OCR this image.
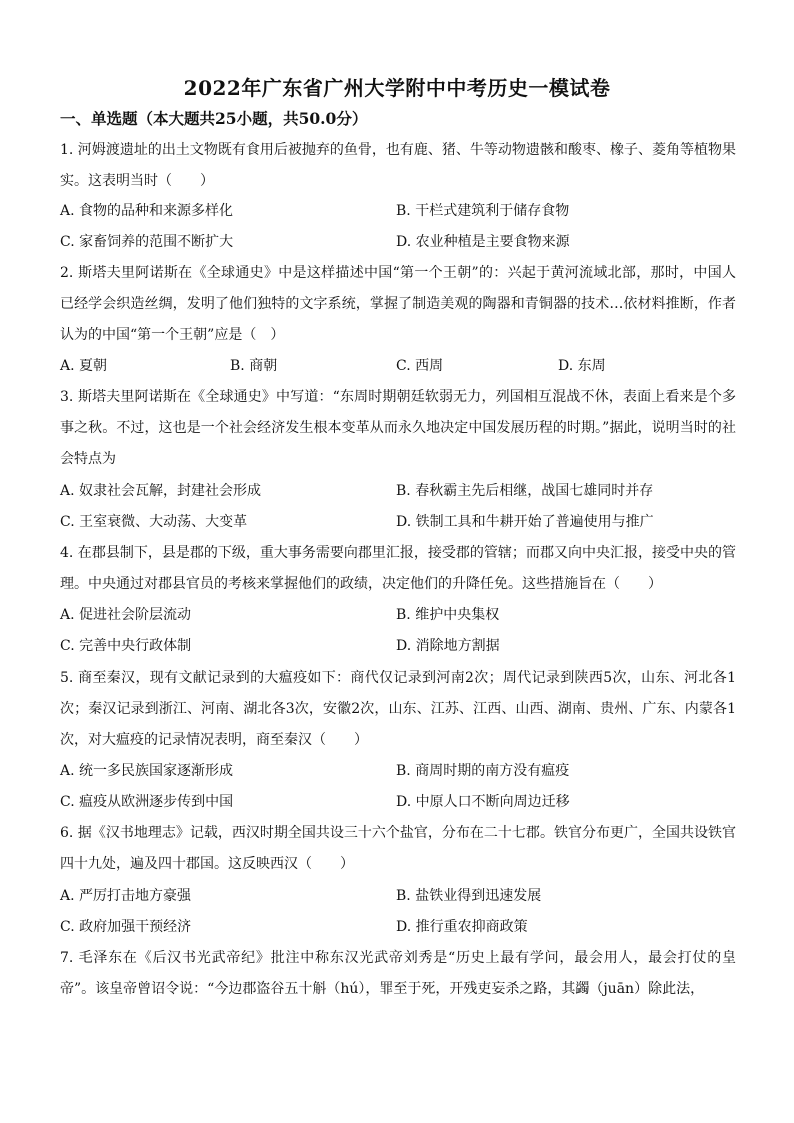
2022年广东省广州大学附中中考历史一模试卷
一、单选题（本大题共25小题，共50.0分）
1. 河姆渡遗址的出土文物既有食用后被抛弃的鱼骨，也有鹿、猪、牛等动物遗骸和酸枣、橡子、菱角等植物果实。这表明当时（　　）
A. 食物的品种和来源多样化	B. 干栏式建筑利于储存食物
C. 家畜饲养的范围不断扩大	D. 农业种植是主要食物来源
2. 斯塔夫里阿诺斯在《全球通史》中是这样描述中国“第一个王朝”的：兴起于黄河流域北部，那时，中国人已经学会织造丝绸，发明了他们独特的文字系统，掌握了制造美观的陶器和青铜器的技术…依材料推断，作者认为的中国“第一个王朝”应是（　）
A. 夏朝	B. 商朝	C. 西周	D. 东周
3. 斯塔夫里阿诺斯在《全球通史》中写道：“东周时期朝廷软弱无力，列国相互混战不休，表面上看来是个多事之秋。不过，这也是一个社会经济发生根本变革从而永久地决定中国发展历程的时期。”据此，说明当时的社会特点为
A. 奴隶社会瓦解，封建社会形成	B. 春秋霸主先后相继，战国七雄同时并存
C. 王室衰微、大动荡、大变革	D. 铁制工具和牛耕开始了普遍使用与推广
4. 在郡县制下，县是郡的下级，重大事务需要向郡里汇报，接受郡的管辖；而郡又向中央汇报，接受中央的管理。中央通过对郡县官员的考核来掌握他们的政绩，决定他们的升降任免。这些措施旨在（　　）
A. 促进社会阶层流动	B. 维护中央集权
C. 完善中央行政体制	D. 消除地方割据
5. 商至秦汉，现有文献记录到的大瘟疫如下：商代仅记录到河南2次；周代记录到陕西5次，山东、河北各1次；秦汉记录到浙江、河南、湖北各3次，安徽2次，山东、江苏、江西、山西、湖南、贵州、广东、内蒙各1次，对大瘟疫的记录情况表明，商至秦汉（　　）
A. 统一多民族国家逐渐形成	B. 商周时期的南方没有瘟疫
C. 瘟疫从欧洲逐步传到中国	D. 中原人口不断向周边迁移
6. 据《汉书地理志》记载，西汉时期全国共设三十六个盐官，分布在二十七郡。铁官分布更广，全国共设铁官四十九处，遍及四十郡国。这反映西汉（　　）
A. 严厉打击地方豪强	B. 盐铁业得到迅速发展
C. 政府加强干预经济	D. 推行重农抑商政策
7. 毛泽东在《后汉书光武帝纪》批注中称东汉光武帝刘秀是“历史上最有学问，最会用人，最会打仗的皇帝”。该皇帝曾诏令说：“今边郡盗谷五十斛（hú），罪至于死，开残吏妄杀之路，其蠲（juān）除此法，
